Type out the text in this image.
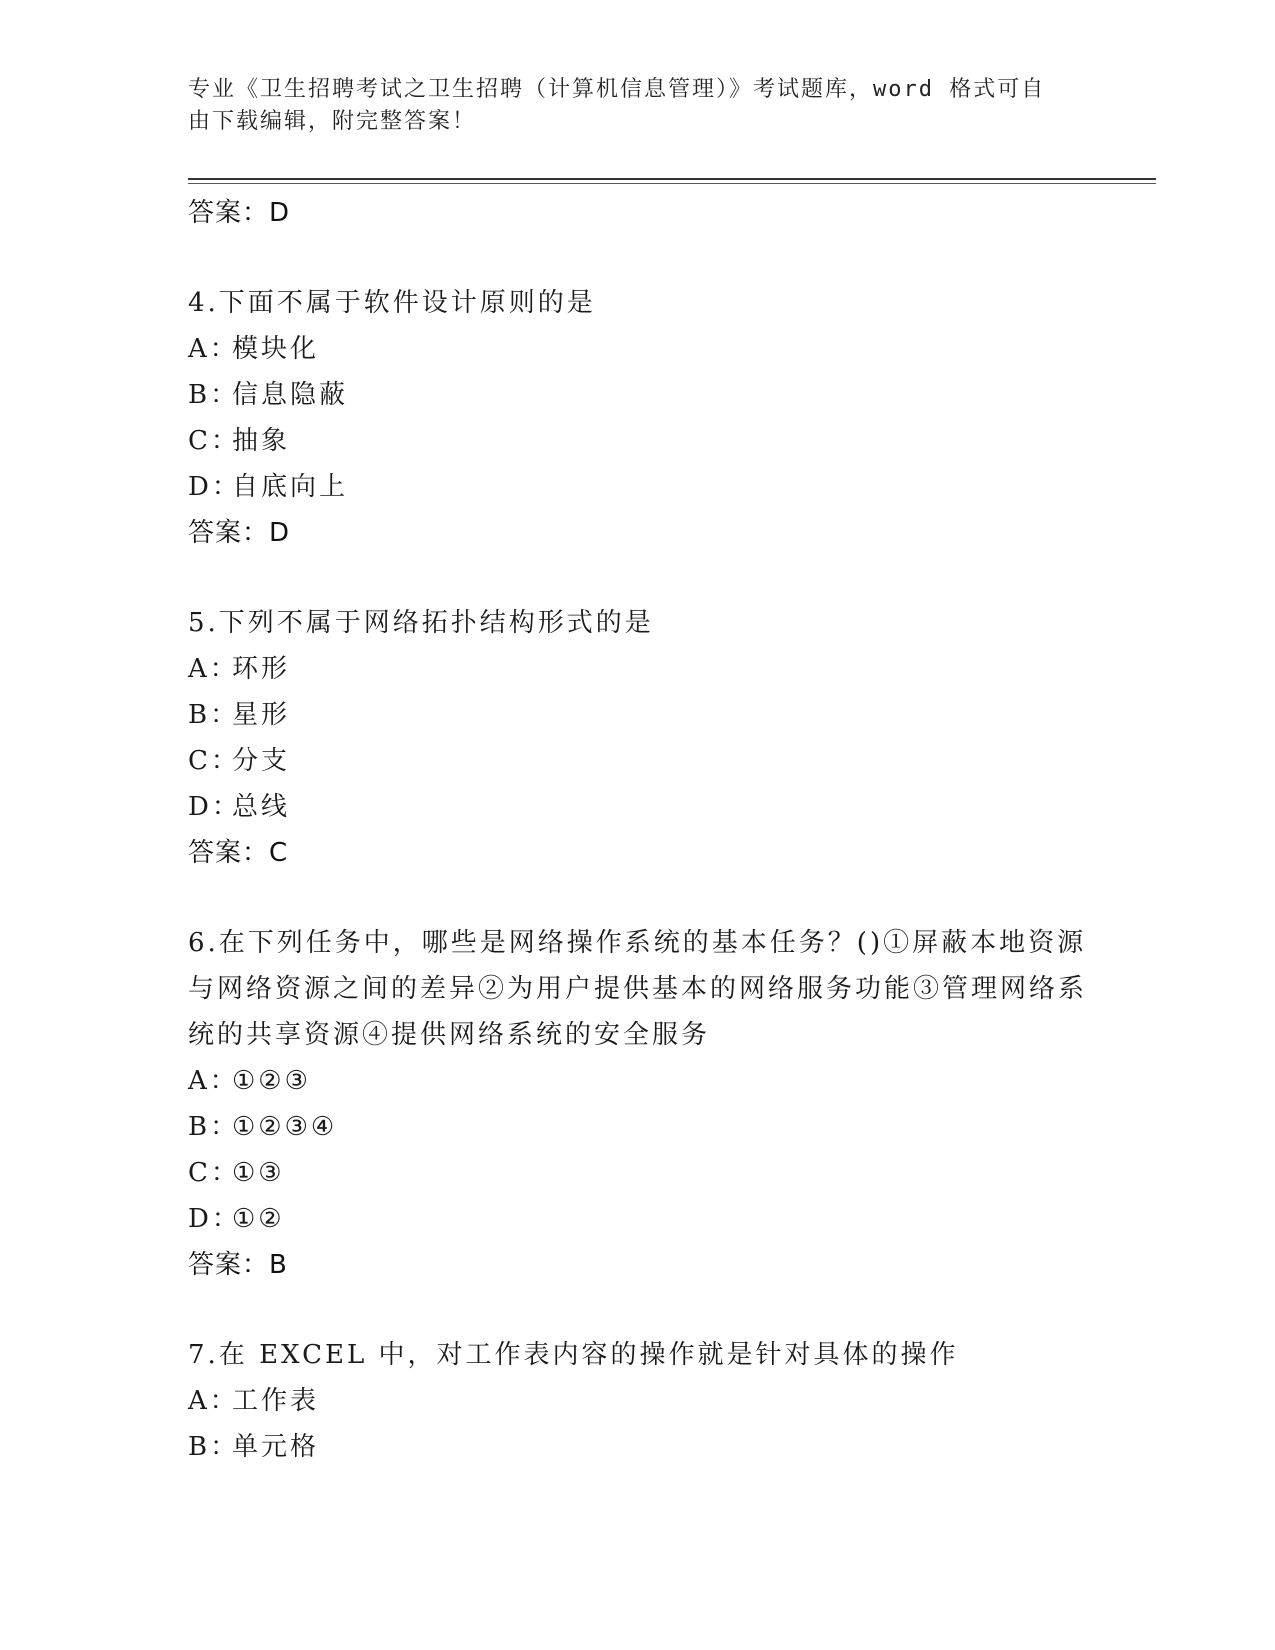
专业《卫生招聘考试之卫生招聘（计算机信息管理）》考试题库，word 格式可自由下载编辑，附完整答案！

答案：D

4.下面不属于软件设计原则的是

A：模块化

B：信息隐蔽

C：抽象

D：自底向上

答案：D

5.下列不属于网络拓扑结构形式的是

A：环形

B：星形

C：分支

D：总线

答案：C

6.在下列任务中，哪些是网络操作系统的基本任务？()①屏蔽本地资源与网络资源之间的差异②为用户提供基本的网络服务功能③管理网络系统的共享资源④提供网络系统的安全服务

A：①②③

B：①②③④

C：①③

D：①②

答案：B

7.在 EXCEL 中，对工作表内容的操作就是针对具体的操作

A：工作表

B：单元格
